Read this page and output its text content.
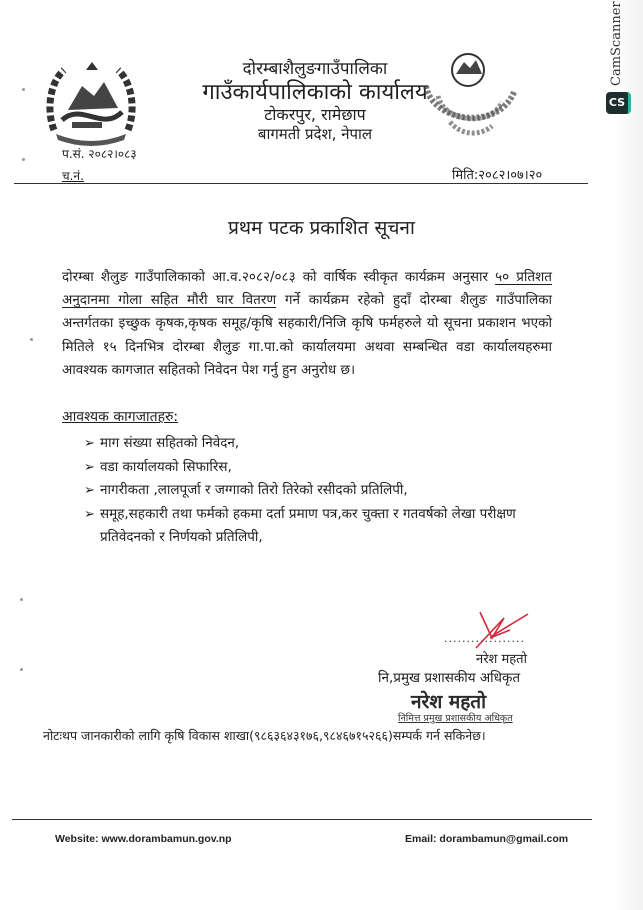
दोरम्बाशैलुङगाउँपालिका
गाउँकार्यपालिकाको कार्यालय
टोकरपुर, रामेछाप
बागमती प्रदेश, नेपाल
CamScanner
CS
प.सं. २०८२।०८३
च.नं.	मिति:२०८२।०७।२०
प्रथम पटक प्रकाशित सूचना
दोरम्बा शैलुङ गाउँपालिकाको आ.व.२०८२/०८३ को वार्षिक स्वीकृत कार्यक्रम अनुसार ५० प्रतिशत अनुदानमा गोला सहित मौरी घार वितरण गर्ने कार्यक्रम रहेको हुदाँ दोरम्बा शैलुङ गाउँपालिका अन्तर्गतका इच्छुक कृषक,कृषक समूह/कृषि सहकारी/निजि कृषि फर्महरुले यो सूचना प्रकाशन भएको मितिले १५ दिनभित्र दोरम्बा शैलुङ गा.पा.को कार्यालयमा अथवा सम्बन्धित वडा कार्यालयहरुमा आवश्यक कागजात सहितको निवेदन पेश गर्नु हुन अनुरोध छ।
आवश्यक कागजातहरु:
➢ माग संख्या सहितको निवेदन,
➢ वडा कार्यालयको सिफारिस,
➢ नागरीकता ,लालपूर्जा र जग्गाको तिरो तिरेको रसीदको प्रतिलिपी,
➢ समूह,सहकारी तथा फर्मको हकमा दर्ता प्रमाण पत्र,कर चुक्ता र गतवर्षको लेखा परीक्षण प्रतिवेदनको र निर्णयको प्रतिलिपी,
..................
नरेश महतो
नि,प्रमुख प्रशासकीय अधिकृत
नरेश महतो
निमित्त प्रमुख प्रशासकीय अधिकृत
नोटःथप जानकारीको लागि कृषि विकास शाखा(९८६३६४३१७६,९८४६७१५२६६)सम्पर्क गर्न सकिनेछ।
Website: www.dorambamun.gov.np	Email: dorambamun@gmail.com
